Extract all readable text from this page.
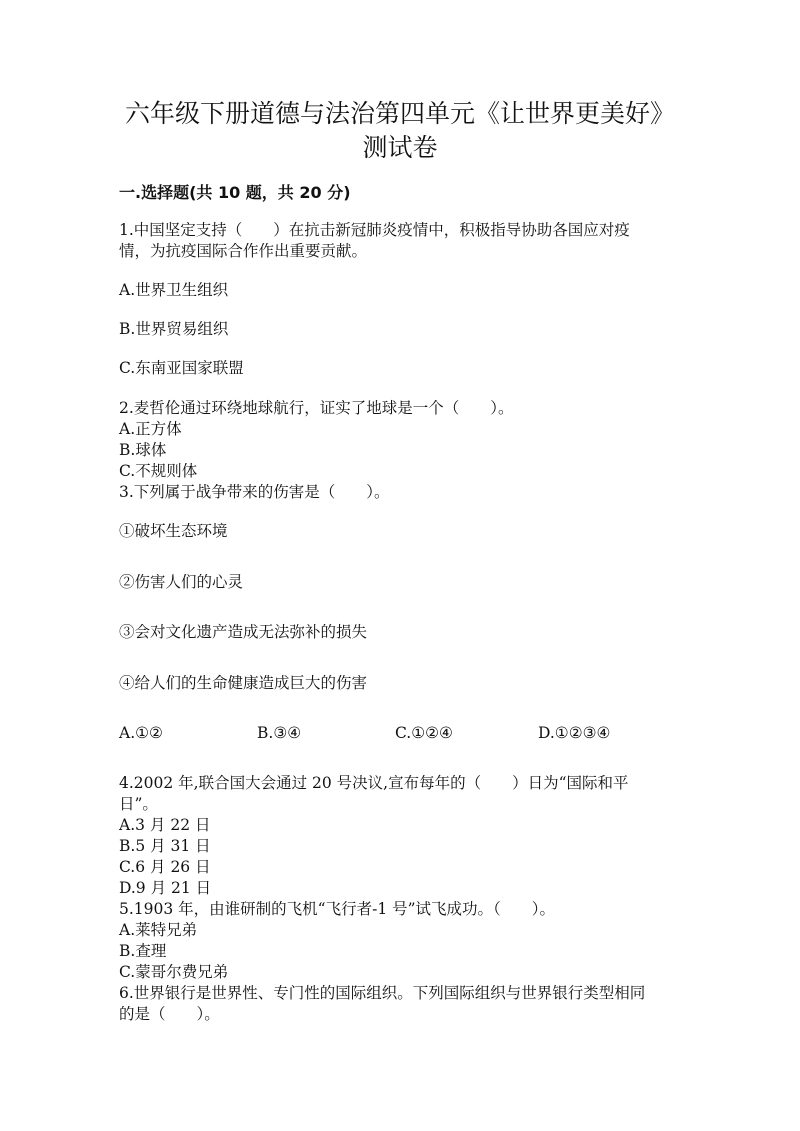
六年级下册道德与法治第四单元《让世界更美好》
测试卷
一.选择题(共 10 题，共 20 分)
1.中国坚定支持（　　）在抗击新冠肺炎疫情中，积极指导协助各国应对疫
情，为抗疫国际合作作出重要贡献。
A.世界卫生组织
B.世界贸易组织
C.东南亚国家联盟
2.麦哲伦通过环绕地球航行，证实了地球是一个（　　）。
A.正方体
B.球体
C.不规则体
3.下列属于战争带来的伤害是（　　）。
①破坏生态环境
②伤害人们的心灵
③会对文化遗产造成无法弥补的损失
④给人们的生命健康造成巨大的伤害
A.①②	B.③④	C.①②④	D.①②③④
4.2002 年,联合国大会通过 20 号决议,宣布每年的（　　）日为“国际和平
日”。
A.3 月 22 日
B.5 月 31 日
C.6 月 26 日
D.9 月 21 日
5.1903 年，由谁研制的飞机“飞行者-1 号”试飞成功。（　　）。
A.莱特兄弟
B.查理
C.蒙哥尔费兄弟
6.世界银行是世界性、专门性的国际组织。下列国际组织与世界银行类型相同
的是（　　）。
